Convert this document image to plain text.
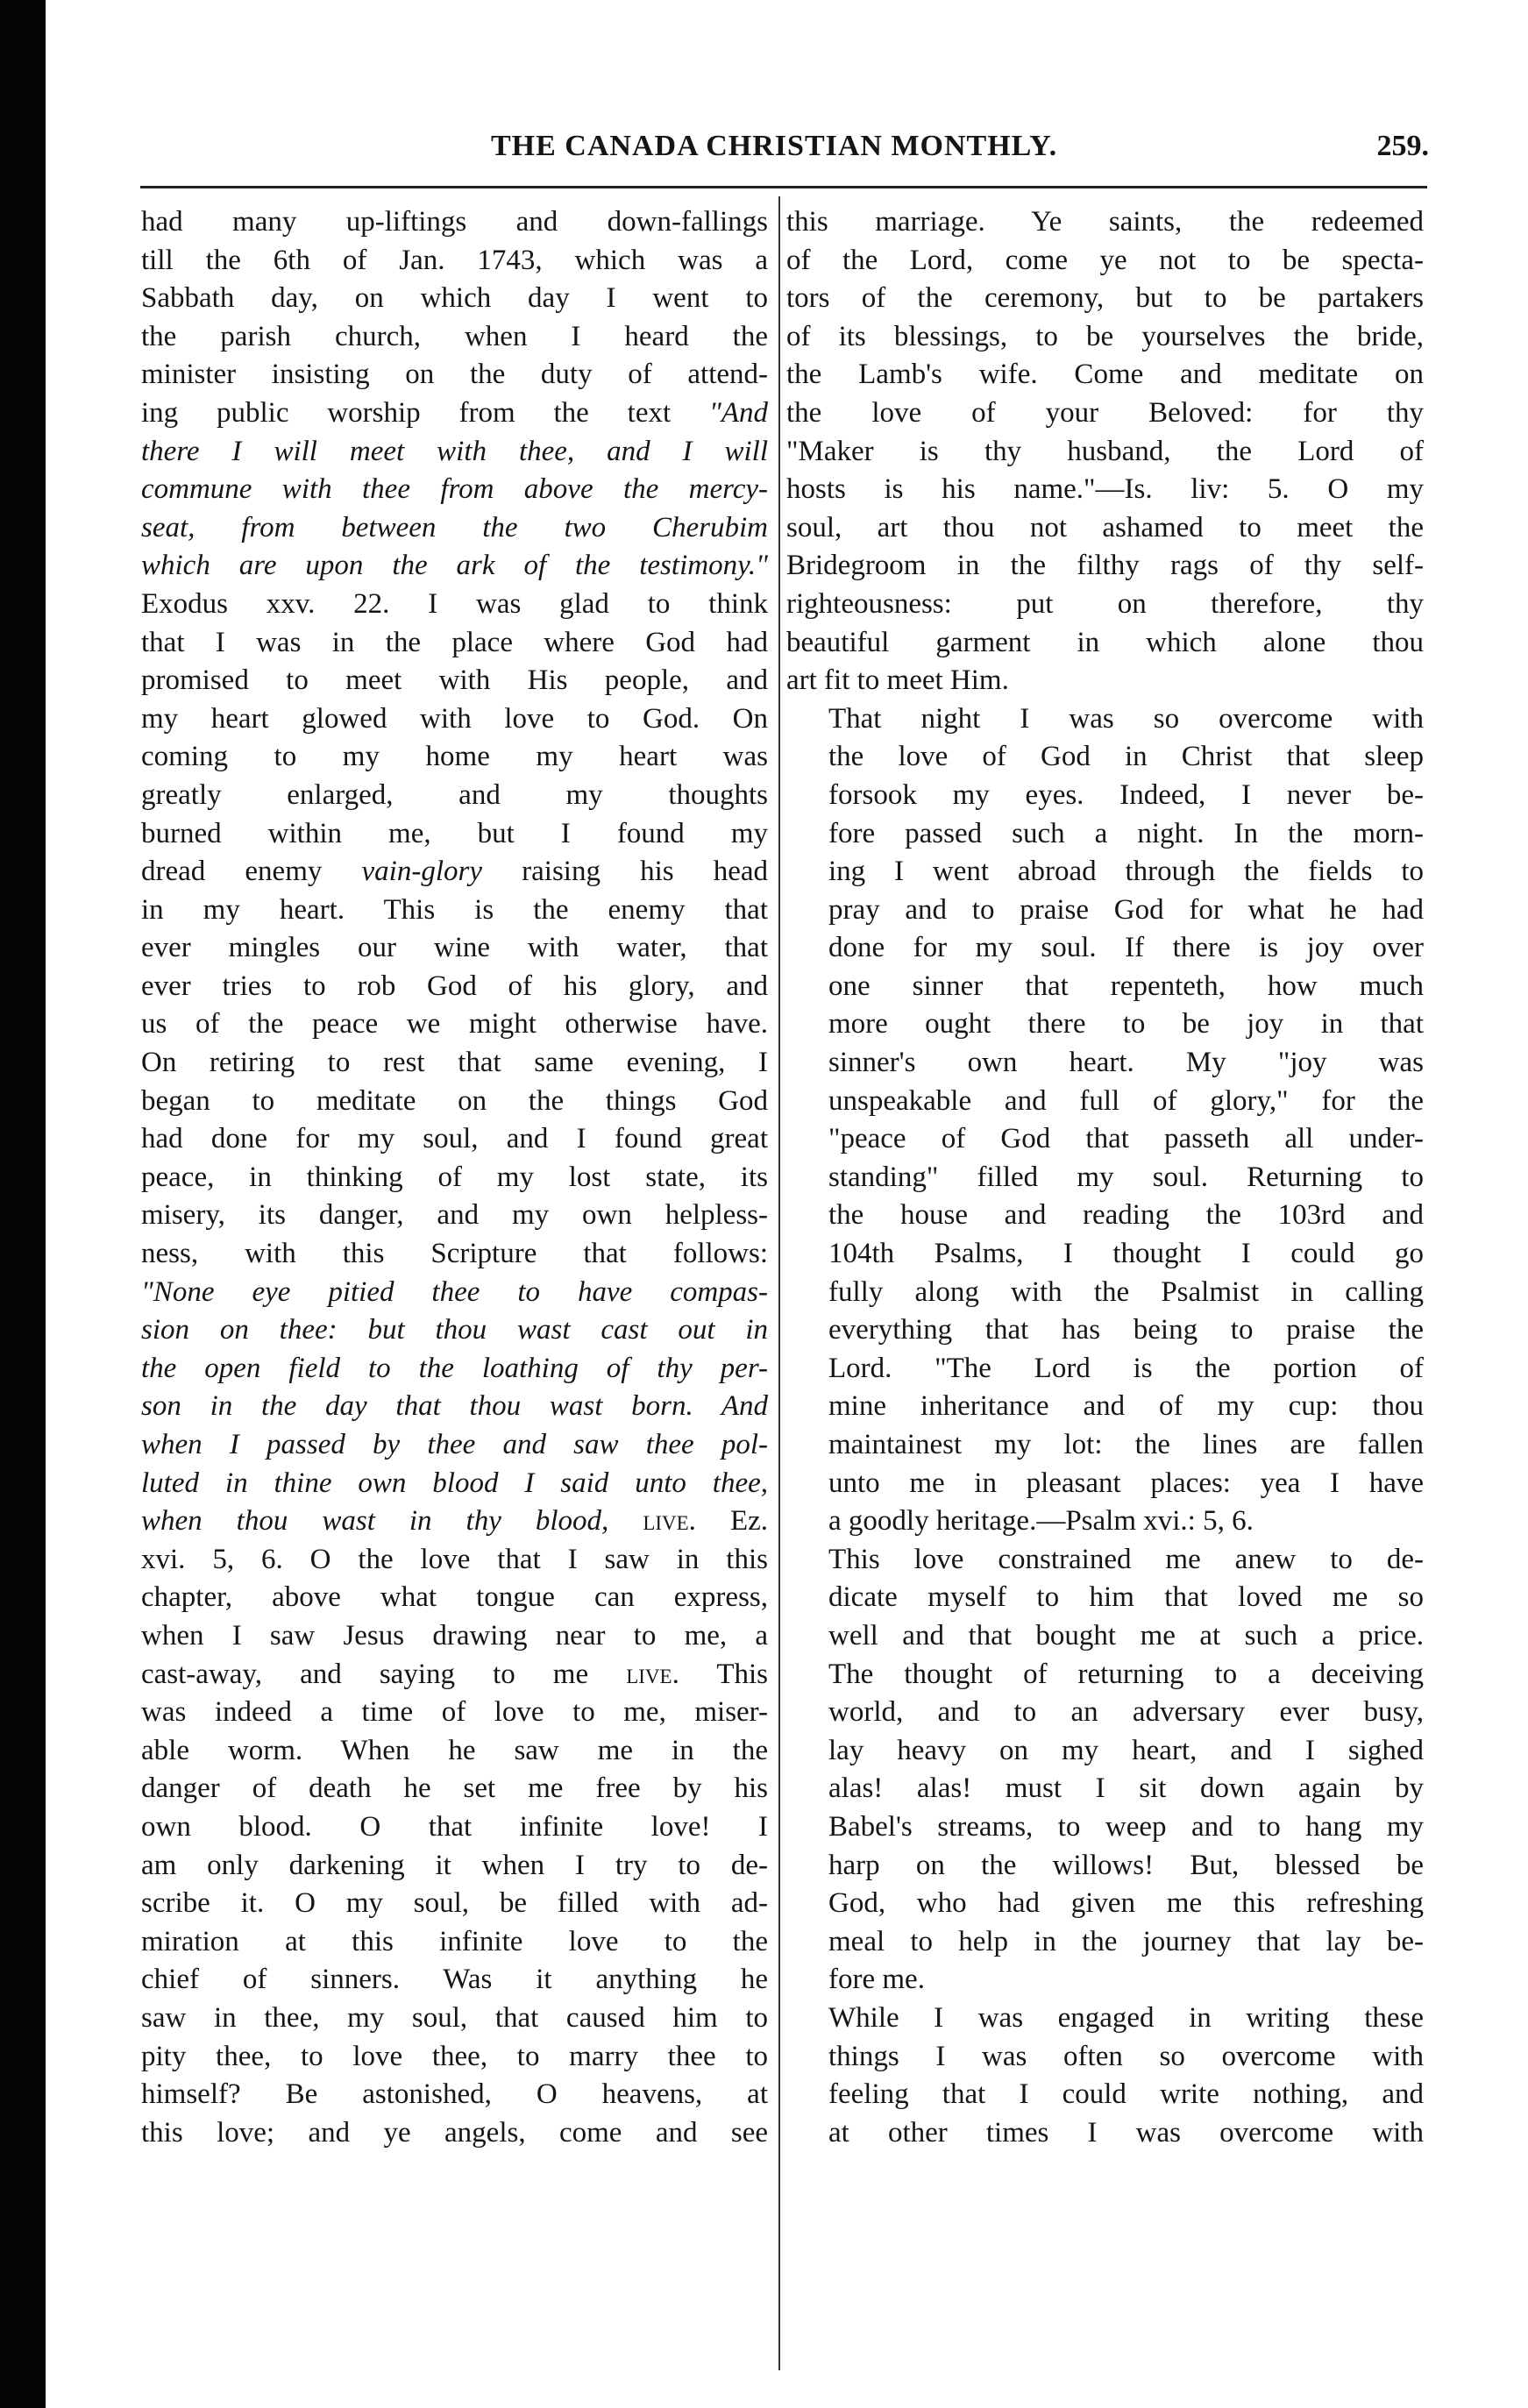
THE CANADA CHRISTIAN MONTHLY.	259.

had many up-liftings and down-fallings
till the 6th of Jan. 1743, which was a
Sabbath day, on which day I went to
the parish church, when I heard the
minister insisting on the duty of attend-
ing public worship from the text "And
there I will meet with thee, and I will
commune with thee from above the mercy-
seat, from between the two Cherubim
which are upon the ark of the testimony."
Exodus xxv. 22. I was glad to think
that I was in the place where God had
promised to meet with His people, and
my heart glowed with love to God. On
coming to my home my heart was
greatly enlarged, and my thoughts
burned within me, but I found my
dread enemy vain-glory raising his head
in my heart. This is the enemy that
ever mingles our wine with water, that
ever tries to rob God of his glory, and
us of the peace we might otherwise have.
On retiring to rest that same evening, I
began to meditate on the things God
had done for my soul, and I found great
peace, in thinking of my lost state, its
misery, its danger, and my own helpless-
ness, with this Scripture that follows:
"None eye pitied thee to have compas-
sion on thee: but thou wast cast out in
the open field to the loathing of thy per-
son in the day that thou wast born. And
when I passed by thee and saw thee pol-
luted in thine own blood I said unto thee,
when thou wast in thy blood, live. Ez.
xvi. 5, 6. O the love that I saw in this
chapter, above what tongue can express,
when I saw Jesus drawing near to me, a
cast-away, and saying to me live. This
was indeed a time of love to me, miser-
able worm. When he saw me in the
danger of death he set me free by his
own blood. O that infinite love! I
am only darkening it when I try to de-
scribe it. O my soul, be filled with ad-
miration at this infinite love to the
chief of sinners. Was it anything he
saw in thee, my soul, that caused him to
pity thee, to love thee, to marry thee to
himself? Be astonished, O heavens, at
this love; and ye angels, come and see

this marriage. Ye saints, the redeemed
of the Lord, come ye not to be specta-
tors of the ceremony, but to be partakers
of its blessings, to be yourselves the bride,
the Lamb's wife. Come and meditate on
the love of your Beloved: for thy
"Maker is thy husband, the Lord of
hosts is his name."—Is. liv: 5. O my
soul, art thou not ashamed to meet the
Bridegroom in the filthy rags of thy self-
righteousness: put on therefore, thy
beautiful garment in which alone thou
art fit to meet Him.

That night I was so overcome with
the love of God in Christ that sleep
forsook my eyes. Indeed, I never be-
fore passed such a night. In the morn-
ing I went abroad through the fields to
pray and to praise God for what he had
done for my soul. If there is joy over
one sinner that repenteth, how much
more ought there to be joy in that
sinner's own heart. My "joy was
unspeakable and full of glory," for the
"peace of God that passeth all under-
standing" filled my soul. Returning to
the house and reading the 103rd and
104th Psalms, I thought I could go
fully along with the Psalmist in calling
everything that has being to praise the
Lord. "The Lord is the portion of
mine inheritance and of my cup: thou
maintainest my lot: the lines are fallen
unto me in pleasant places: yea I have
a goodly heritage.—Psalm xvi.: 5, 6.

This love constrained me anew to de-
dicate myself to him that loved me so
well and that bought me at such a price.
The thought of returning to a deceiving
world, and to an adversary ever busy,
lay heavy on my heart, and I sighed
alas! alas! must I sit down again by
Babel's streams, to weep and to hang my
harp on the willows! But, blessed be
God, who had given me this refreshing
meal to help in the journey that lay be-
fore me.

While I was engaged in writing these
things I was often so overcome with
feeling that I could write nothing, and
at other times I was overcome with
